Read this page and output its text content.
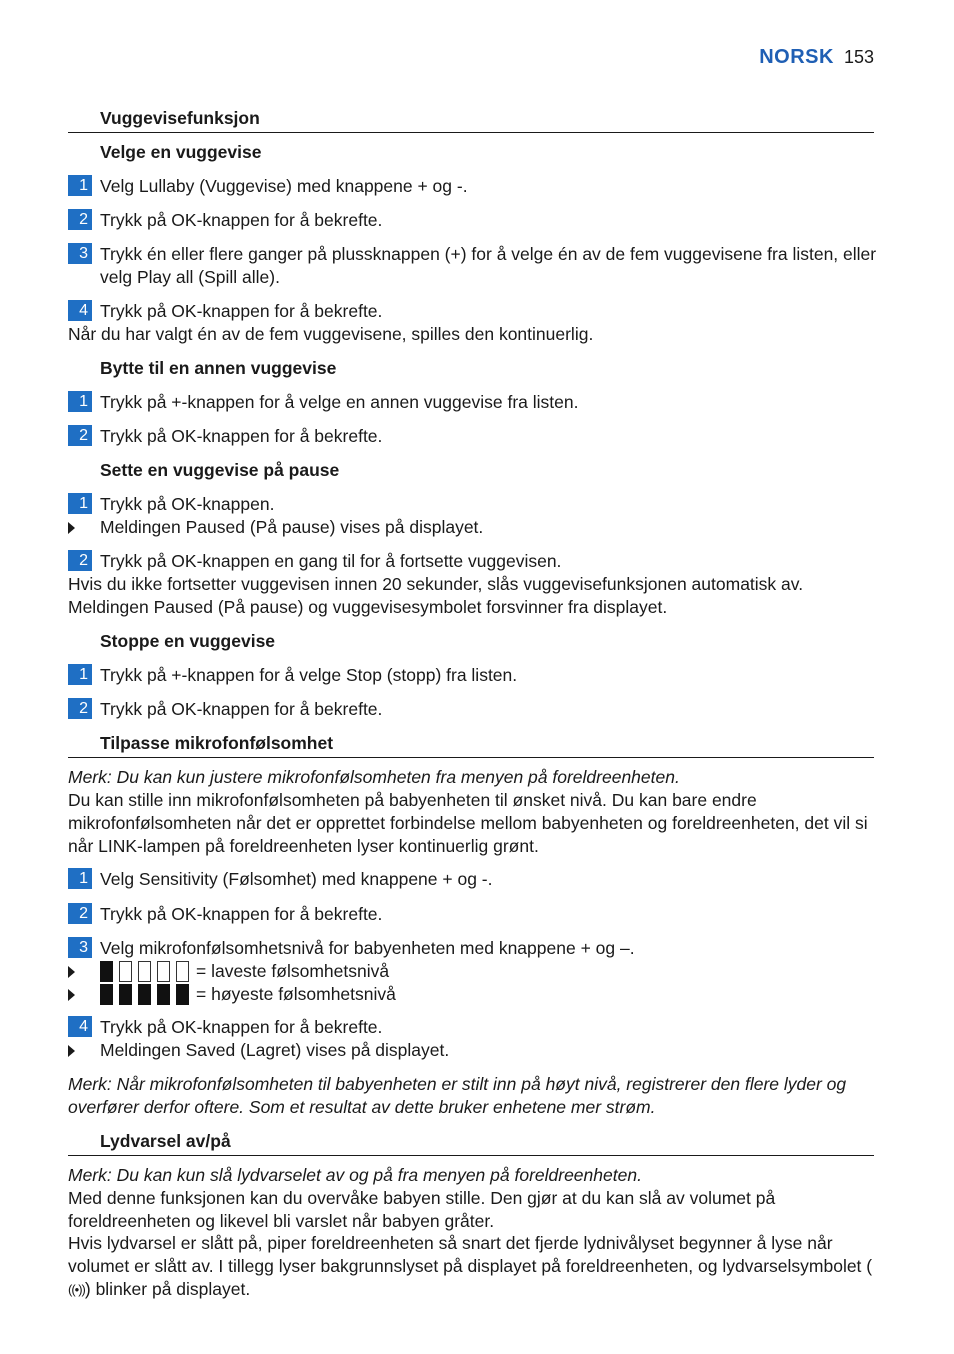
NORSK 153
Vuggevisefunksjon
Velge en vuggevise
1 Velg Lullaby (Vuggevise) med knappene + og -.
2 Trykk på OK-knappen for å bekrefte.
3 Trykk én eller flere ganger på plussknappen (+) for å velge én av de fem vuggevisene fra listen, eller velg Play all (Spill alle).
4 Trykk på OK-knappen for å bekrefte.
Når du har valgt én av de fem vuggevisene, spilles den kontinuerlig.
Bytte til en annen vuggevise
1 Trykk på +-knappen for å velge en annen vuggevise fra listen.
2 Trykk på OK-knappen for å bekrefte.
Sette en vuggevise på pause
1 Trykk på OK-knappen.
Meldingen Paused (På pause) vises på displayet.
2 Trykk på OK-knappen en gang til for å fortsette vuggevisen.
Hvis du ikke fortsetter vuggevisen innen 20 sekunder, slås vuggevisefunksjonen automatisk av.
Meldingen Paused (På pause) og vuggevisesymbolet forsvinner fra displayet.
Stoppe en vuggevise
1 Trykk på +-knappen for å velge Stop (stopp) fra listen.
2 Trykk på OK-knappen for å bekrefte.
Tilpasse mikrofonfølsomhet
Merk: Du kan kun justere mikrofonfølsomheten fra menyen på foreldreenheten.
Du kan stille inn mikrofonfølsomheten på babyenheten til ønsket nivå. Du kan bare endre mikrofonfølsomheten når det er opprettet forbindelse mellom babyenheten og foreldreenheten, det vil si når LINK-lampen på foreldreenheten lyser kontinuerlig grønt.
1 Velg Sensitivity (Følsomhet) med knappene + og -.
2 Trykk på OK-knappen for å bekrefte.
3 Velg mikrofonfølsomhetsnivå for babyenheten med knappene + og –.
= laveste følsomhetsnivå
= høyeste følsomhetsnivå
4 Trykk på OK-knappen for å bekrefte.
Meldingen Saved (Lagret) vises på displayet.
Merk: Når mikrofonfølsomheten til babyenheten er stilt inn på høyt nivå, registrerer den flere lyder og overfører derfor oftere. Som et resultat av dette bruker enhetene mer strøm.
Lydvarsel av/på
Merk: Du kan kun slå lydvarselet av og på fra menyen på foreldreenheten.
Med denne funksjonen kan du overvåke babyen stille. Den gjør at du kan slå av volumet på foreldreenheten og likevel bli varslet når babyen gråter.
Hvis lydvarsel er slått på, piper foreldreenheten så snart det fjerde lydnivålyset begynner å lyse når volumet er slått av. I tillegg lyser bakgrunnslyset på displayet på foreldreenheten, og lydvarselsymbolet (((•))) blinker på displayet.
